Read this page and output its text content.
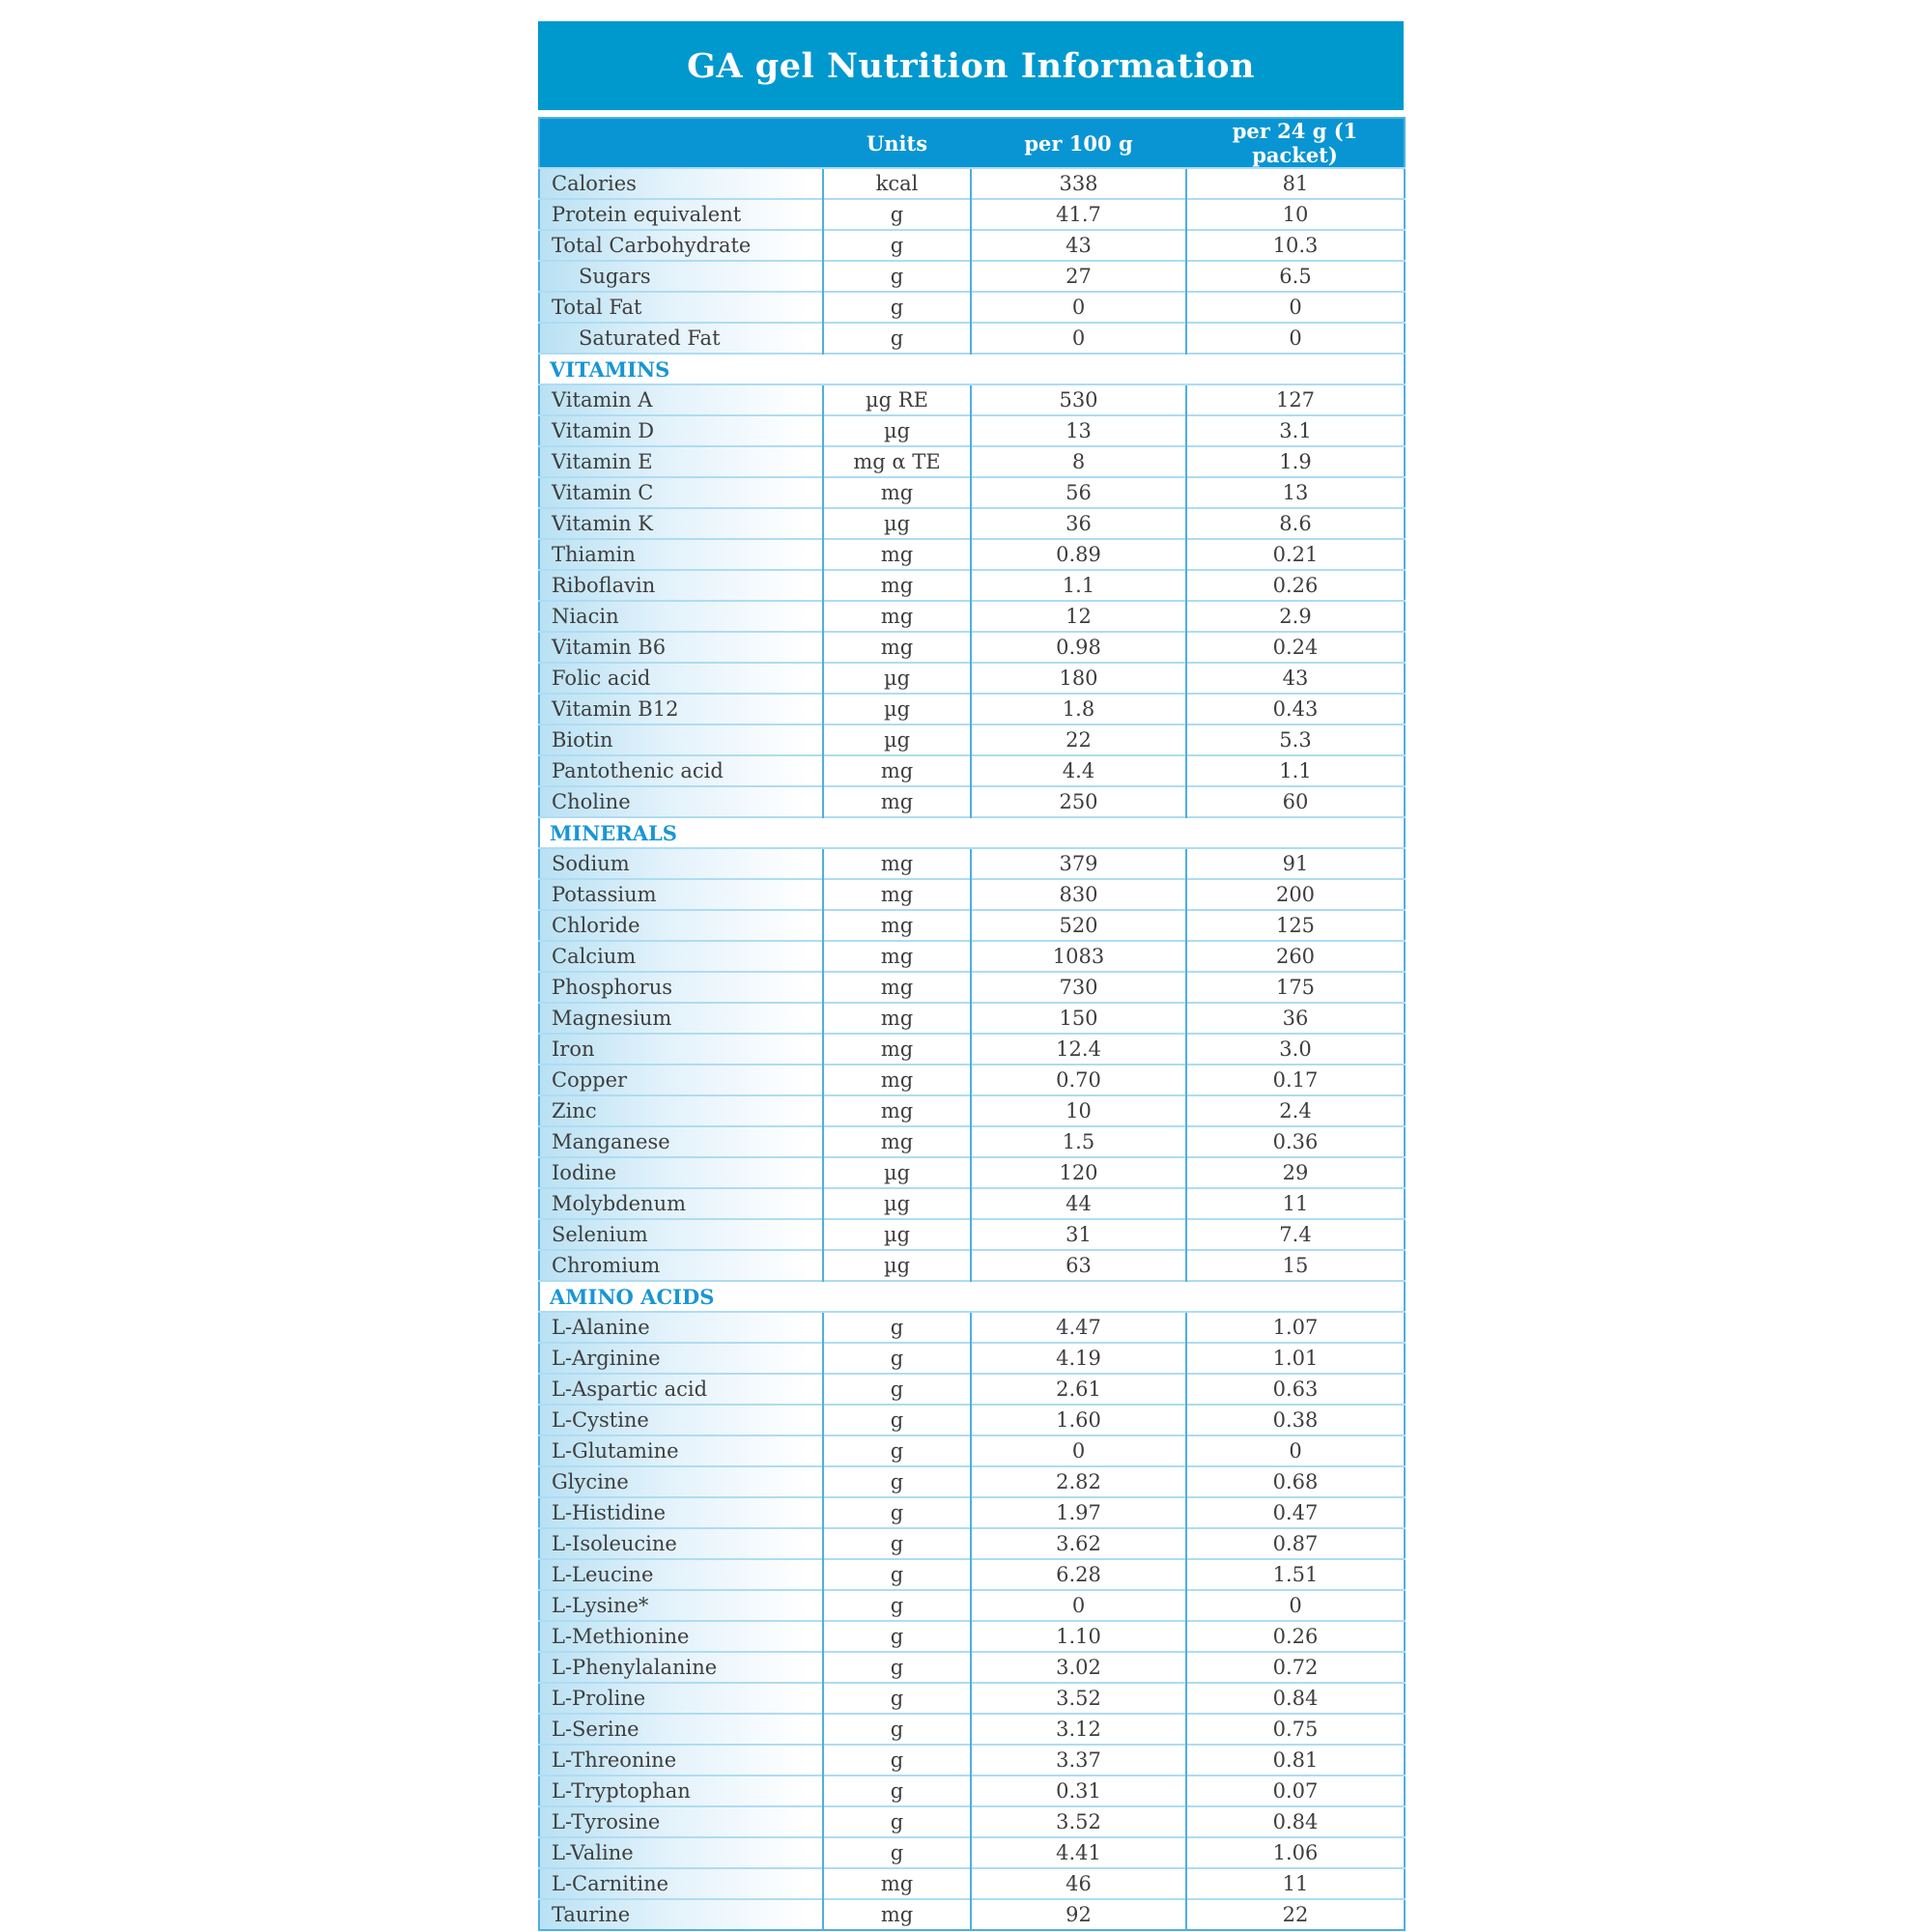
GA gel Nutrition Information
	Units	per 100 g	per 24 g (1 packet)
Calories	kcal	338	81
Protein equivalent	g	41.7	10
Total Carbohydrate	g	43	10.3
Sugars	g	27	6.5
Total Fat	g	0	0
Saturated Fat	g	0	0
VITAMINS			
Vitamin A	µg RE	530	127
Vitamin D	µg	13	3.1
Vitamin E	mg α TE	8	1.9
Vitamin C	mg	56	13
Vitamin K	µg	36	8.6
Thiamin	mg	0.89	0.21
Riboflavin	mg	1.1	0.26
Niacin	mg	12	2.9
Vitamin B6	mg	0.98	0.24
Folic acid	µg	180	43
Vitamin B12	µg	1.8	0.43
Biotin	µg	22	5.3
Pantothenic acid	mg	4.4	1.1
Choline	mg	250	60
MINERALS			
Sodium	mg	379	91
Potassium	mg	830	200
Chloride	mg	520	125
Calcium	mg	1083	260
Phosphorus	mg	730	175
Magnesium	mg	150	36
Iron	mg	12.4	3.0
Copper	mg	0.70	0.17
Zinc	mg	10	2.4
Manganese	mg	1.5	0.36
Iodine	µg	120	29
Molybdenum	µg	44	11
Selenium	µg	31	7.4
Chromium	µg	63	15
AMINO ACIDS			
L-Alanine	g	4.47	1.07
L-Arginine	g	4.19	1.01
L-Aspartic acid	g	2.61	0.63
L-Cystine	g	1.60	0.38
L-Glutamine	g	0	0
Glycine	g	2.82	0.68
L-Histidine	g	1.97	0.47
L-Isoleucine	g	3.62	0.87
L-Leucine	g	6.28	1.51
L-Lysine*	g	0	0
L-Methionine	g	1.10	0.26
L-Phenylalanine	g	3.02	0.72
L-Proline	g	3.52	0.84
L-Serine	g	3.12	0.75
L-Threonine	g	3.37	0.81
L-Tryptophan	g	0.31	0.07
L-Tyrosine	g	3.52	0.84
L-Valine	g	4.41	1.06
L-Carnitine	mg	46	11
Taurine	mg	92	22
